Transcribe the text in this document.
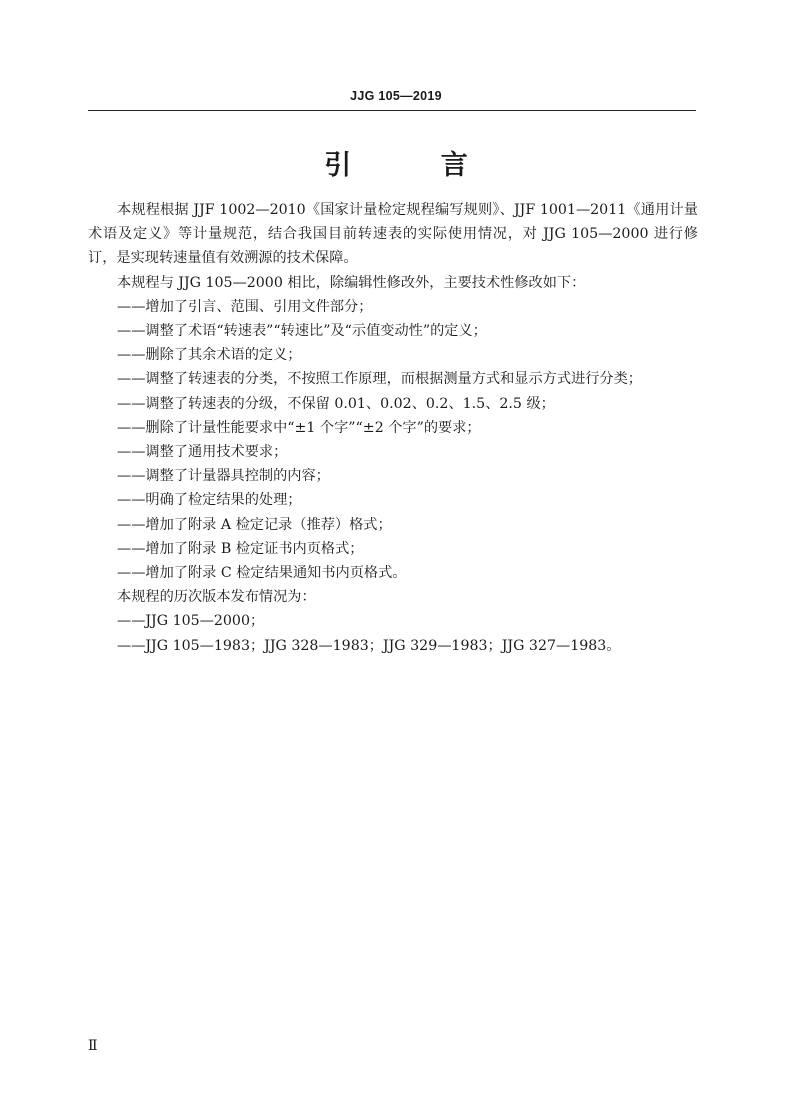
JJG 105—2019
引 言

本规程根据 JJF 1002—2010《国家计量检定规程编写规则》、JJF 1001—2011《通用计量术语及定义》等计量规范，结合我国目前转速表的实际使用情况，对 JJG 105—2000 进行修订，是实现转速量值有效溯源的技术保障。

本规程与 JJG 105—2000 相比，除编辑性修改外，主要技术性修改如下：

——增加了引言、范围、引用文件部分；

——调整了术语“转速表”“转速比”及“示值变动性”的定义；

——删除了其余术语的定义；

——调整了转速表的分类，不按照工作原理，而根据测量方式和显示方式进行分类；

——调整了转速表的分级，不保留 0.01、0.02、0.2、1.5、2.5 级；

——删除了计量性能要求中“±1 个字”“±2 个字”的要求；

——调整了通用技术要求；

——调整了计量器具控制的内容；

——明确了检定结果的处理；

——增加了附录 A 检定记录（推荐）格式；

——增加了附录 B 检定证书内页格式；

——增加了附录 C 检定结果通知书内页格式。

本规程的历次版本发布情况为：

——JJG 105—2000；

——JJG 105—1983；JJG 328—1983；JJG 329—1983；JJG 327—1983。

Ⅱ
